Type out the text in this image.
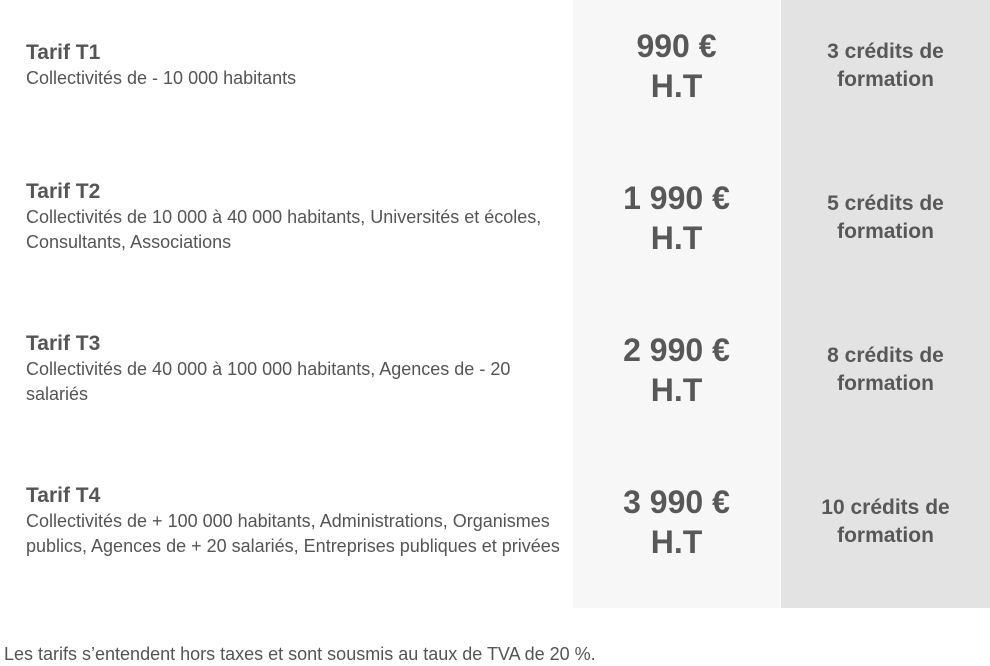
Tarif T1
Collectivités de - 10 000 habitants
990 €
H.T
3 crédits de formation
Tarif T2
Collectivités de 10 000 à 40 000 habitants, Universités et écoles, Consultants, Associations
1 990 €
H.T
5 crédits de formation
Tarif T3
Collectivités de 40 000 à 100 000 habitants, Agences de - 20 salariés
2 990 €
H.T
8 crédits de formation
Tarif T4
Collectivités de + 100 000 habitants, Administrations, Organismes publics, Agences de + 20 salariés, Entreprises publiques et privées
3 990 €
H.T
10 crédits de formation
Les tarifs s’entendent hors taxes et sont sousmis au taux de TVA de 20 %.
